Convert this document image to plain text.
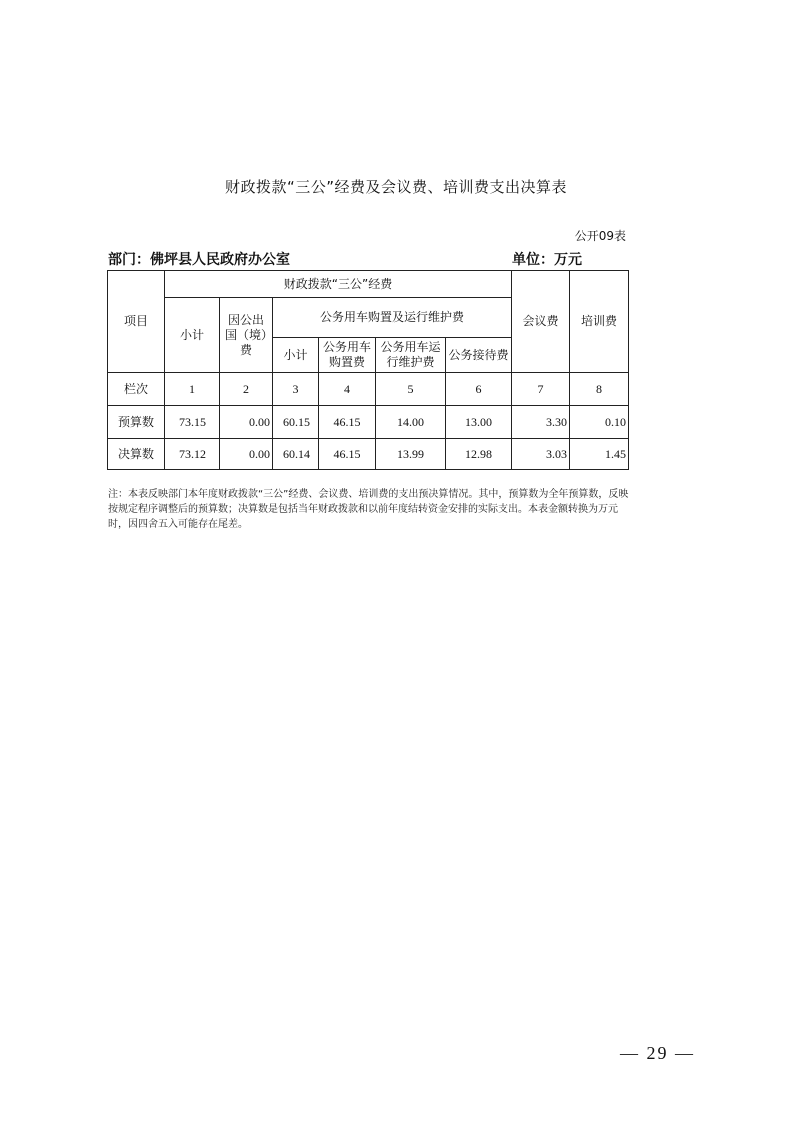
财政拨款“三公”经费及会议费、培训费支出决算表
公开09表
部门：佛坪县人民政府办公室	单位：万元
项目	财政拨款“三公”经费						会议费	培训费
	小计	因公出国（境）费	公务用车购置及运行维护费					
			小计	公务用车购置费	公务用车运行维护费	公务接待费		
栏次	1	2	3	4	5	6	7	8
预算数	73.15	0.00	60.15	46.15	14.00	13.00	3.30	0.10
决算数	73.12	0.00	60.14	46.15	13.99	12.98	3.03	1.45
注：本表反映部门本年度财政拨款“三公”经费、会议费、培训费的支出预决算情况。其中，预算数为全年预算数，反映按规定程序调整后的预算数；决算数是包括当年财政拨款和以前年度结转资金安排的实际支出。本表金额转换为万元时，因四舍五入可能存在尾差。
— 29 —
